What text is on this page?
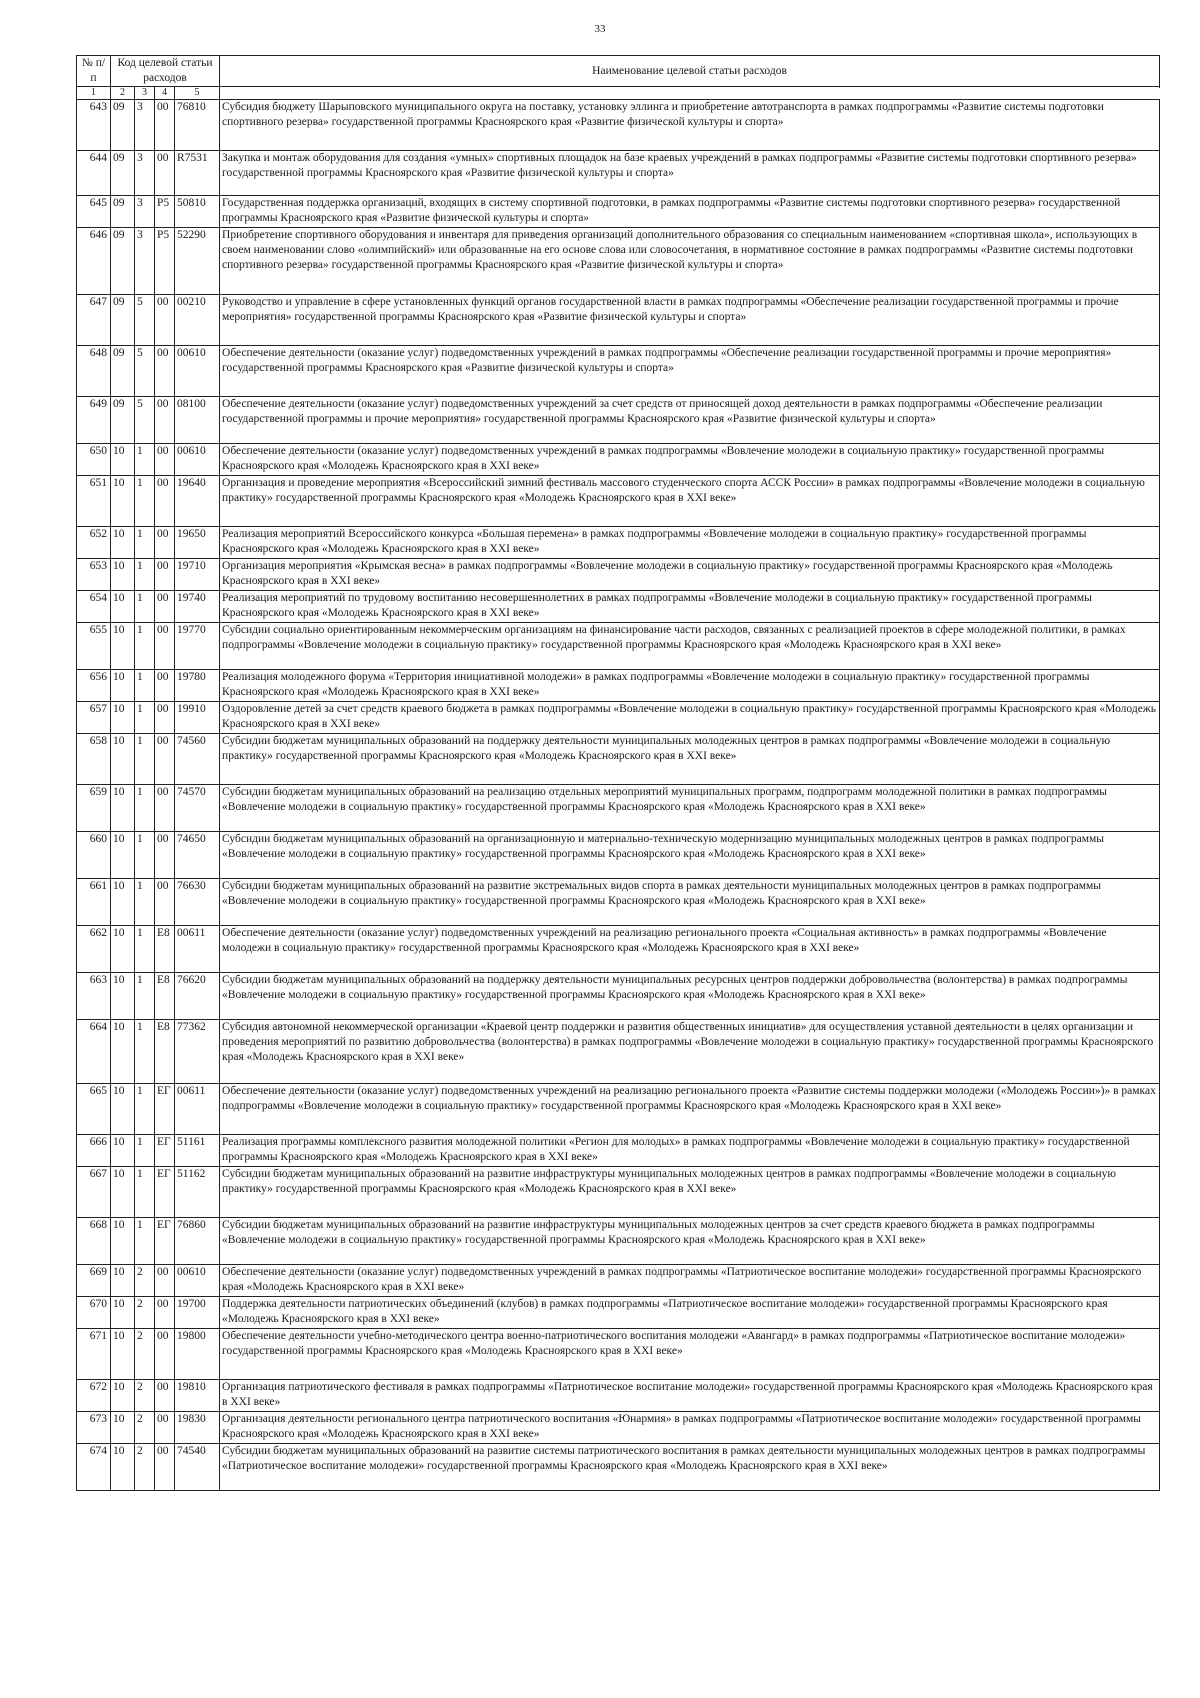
33
№ п/п	Код целевой статьи расходов				Наименование целевой статьи расходов

1	2	3	4	5	
643	09	3	00	76810	Субсидия бюджету Шарыповского муниципального округа на поставку, установку эллинга и приобретение автотранспорта в рамках подпрограммы «Развитие системы подготовки спортивного резерва» государственной программы Красноярского края «Развитие физической культуры и спорта»
644	09	3	00	R7531	Закупка и монтаж оборудования для создания «умных» спортивных площадок на базе краевых учреждений в рамках подпрограммы «Развитие системы подготовки спортивного резерва» государственной программы Красноярского края «Развитие физической культуры и спорта»
645	09	3	P5	50810	Государственная поддержка организаций, входящих в систему спортивной подготовки, в рамках подпрограммы «Развитие системы подготовки спортивного резерва» государственной программы Красноярского края «Развитие физической культуры и спорта»
646	09	3	P5	52290	Приобретение спортивного оборудования и инвентаря для приведения организаций дополнительного образования со специальным наименованием «спортивная школа», использующих в своем наименовании слово «олимпийский» или образованные на его основе слова или словосочетания, в нормативное состояние в рамках подпрограммы «Развитие системы подготовки спортивного резерва» государственной программы Красноярского края «Развитие физической культуры и спорта»
647	09	5	00	00210	Руководство и управление в сфере установленных функций органов государственной власти в рамках подпрограммы «Обеспечение реализации государственной программы и прочие мероприятия» государственной программы Красноярского края «Развитие физической культуры и спорта»
648	09	5	00	00610	Обеспечение деятельности (оказание услуг) подведомственных учреждений в рамках подпрограммы «Обеспечение реализации государственной программы и прочие мероприятия» государственной программы Красноярского края «Развитие физической культуры и спорта»
649	09	5	00	08100	Обеспечение деятельности (оказание услуг) подведомственных учреждений за счет средств от приносящей доход деятельности в рамках подпрограммы «Обеспечение реализации государственной программы и прочие мероприятия» государственной программы Красноярского края «Развитие физической культуры и спорта»
650	10	1	00	00610	Обеспечение деятельности (оказание услуг) подведомственных учреждений в рамках подпрограммы «Вовлечение молодежи в социальную практику» государственной программы Красноярского края «Молодежь Красноярского края в XXI веке»
651	10	1	00	19640	Организация и проведение мероприятия «Всероссийский зимний фестиваль массового студенческого спорта АССК России» в рамках подпрограммы «Вовлечение молодежи в социальную практику» государственной программы Красноярского края «Молодежь Красноярского края в XXI веке»
652	10	1	00	19650	Реализация мероприятий Всероссийского конкурса «Большая перемена» в рамках подпрограммы «Вовлечение молодежи в социальную практику» государственной программы Красноярского края «Молодежь Красноярского края в XXI веке»
653	10	1	00	19710	Организация мероприятия «Крымская весна» в рамках подпрограммы «Вовлечение молодежи в социальную практику» государственной программы Красноярского края «Молодежь Красноярского края в XXI веке»
654	10	1	00	19740	Реализация мероприятий по трудовому воспитанию несовершеннолетних в рамках подпрограммы «Вовлечение молодежи в социальную практику» государственной программы Красноярского края «Молодежь Красноярского края в XXI веке»
655	10	1	00	19770	Субсидии социально ориентированным некоммерческим организациям на финансирование части расходов, связанных с реализацией проектов в сфере молодежной политики, в рамках подпрограммы «Вовлечение молодежи в социальную практику» государственной программы Красноярского края «Молодежь Красноярского края в XXI веке»
656	10	1	00	19780	Реализация молодежного форума «Территория инициативной молодежи» в рамках подпрограммы «Вовлечение молодежи в социальную практику» государственной программы Красноярского края «Молодежь Красноярского края в XXI веке»
657	10	1	00	19910	Оздоровление детей за счет средств краевого бюджета в рамках подпрограммы «Вовлечение молодежи в социальную практику» государственной программы Красноярского края «Молодежь Красноярского края в XXI веке»
658	10	1	00	74560	Субсидии бюджетам муниципальных образований на поддержку деятельности муниципальных молодежных центров в рамках подпрограммы «Вовлечение молодежи в социальную практику» государственной программы Красноярского края «Молодежь Красноярского края в XXI веке»
659	10	1	00	74570	Субсидии бюджетам муниципальных образований на реализацию отдельных мероприятий муниципальных программ, подпрограмм молодежной политики в рамках подпрограммы «Вовлечение молодежи в социальную практику» государственной программы Красноярского края «Молодежь Красноярского края в XXI веке»
660	10	1	00	74650	Субсидии бюджетам муниципальных образований на организационную и материально-техническую модернизацию муниципальных молодежных центров в рамках подпрограммы «Вовлечение молодежи в социальную практику» государственной программы Красноярского края «Молодежь Красноярского края в XXI веке»
661	10	1	00	76630	Субсидии бюджетам муниципальных образований на развитие экстремальных видов спорта в рамках деятельности муниципальных молодежных центров в рамках подпрограммы «Вовлечение молодежи в социальную практику» государственной программы Красноярского края «Молодежь Красноярского края в XXI веке»
662	10	1	E8	00611	Обеспечение деятельности (оказание услуг) подведомственных учреждений на реализацию регионального проекта «Социальная активность» в рамках подпрограммы «Вовлечение молодежи в социальную практику» государственной программы Красноярского края «Молодежь Красноярского края в XXI веке»
663	10	1	E8	76620	Субсидии бюджетам муниципальных образований на поддержку деятельности муниципальных ресурсных центров поддержки добровольчества (волонтерства) в рамках подпрограммы «Вовлечение молодежи в социальную практику» государственной программы Красноярского края «Молодежь Красноярского края в XXI веке»
664	10	1	E8	77362	Субсидия автономной некоммерческой организации «Краевой центр поддержки и развития общественных инициатив» для осуществления уставной деятельности в целях организации и проведения мероприятий по развитию добровольчества (волонтерства) в рамках подпрограммы «Вовлечение молодежи в социальную практику» государственной программы Красноярского края «Молодежь Красноярского края в XXI веке»
665	10	1	ЕГ	00611	Обеспечение деятельности (оказание услуг) подведомственных учреждений на реализацию регионального проекта «Развитие системы поддержки молодежи («Молодежь России»)» в рамках подпрограммы «Вовлечение молодежи в социальную практику» государственной программы Красноярского края «Молодежь Красноярского края в XXI веке»
666	10	1	ЕГ	51161	Реализация программы комплексного развития молодежной политики «Регион для молодых» в рамках подпрограммы «Вовлечение молодежи в социальную практику» государственной программы Красноярского края «Молодежь Красноярского края в XXI веке»
667	10	1	ЕГ	51162	Субсидии бюджетам муниципальных образований на развитие инфраструктуры муниципальных молодежных центров в рамках подпрограммы «Вовлечение молодежи в социальную практику» государственной программы Красноярского края «Молодежь Красноярского края в XXI веке»
668	10	1	ЕГ	76860	Субсидии бюджетам муниципальных образований на развитие инфраструктуры муниципальных молодежных центров за счет средств краевого бюджета в рамках подпрограммы «Вовлечение молодежи в социальную практику» государственной программы Красноярского края «Молодежь Красноярского края в XXI веке»
669	10	2	00	00610	Обеспечение деятельности (оказание услуг) подведомственных учреждений в рамках подпрограммы «Патриотическое воспитание молодежи» государственной программы Красноярского края «Молодежь Красноярского края в XXI веке»
670	10	2	00	19700	Поддержка деятельности патриотических объединений (клубов) в рамках подпрограммы «Патриотическое воспитание молодежи» государственной программы Красноярского края «Молодежь Красноярского края в XXI веке»
671	10	2	00	19800	Обеспечение деятельности учебно-методического центра военно-патриотического воспитания молодежи «Авангард» в рамках подпрограммы «Патриотическое воспитание молодежи» государственной программы Красноярского края «Молодежь Красноярского края в XXI веке»
672	10	2	00	19810	Организация патриотического фестиваля в рамках подпрограммы «Патриотическое воспитание молодежи» государственной программы Красноярского края «Молодежь Красноярского края в XXI веке»
673	10	2	00	19830	Организация деятельности регионального центра патриотического воспитания «Юнармия» в рамках подпрограммы «Патриотическое воспитание молодежи» государственной программы Красноярского края «Молодежь Красноярского края в XXI веке»
674	10	2	00	74540	Субсидии бюджетам муниципальных образований на развитие системы патриотического воспитания в рамках деятельности муниципальных молодежных центров в рамках подпрограммы «Патриотическое воспитание молодежи» государственной программы Красноярского края «Молодежь Красноярского края в XXI веке»
